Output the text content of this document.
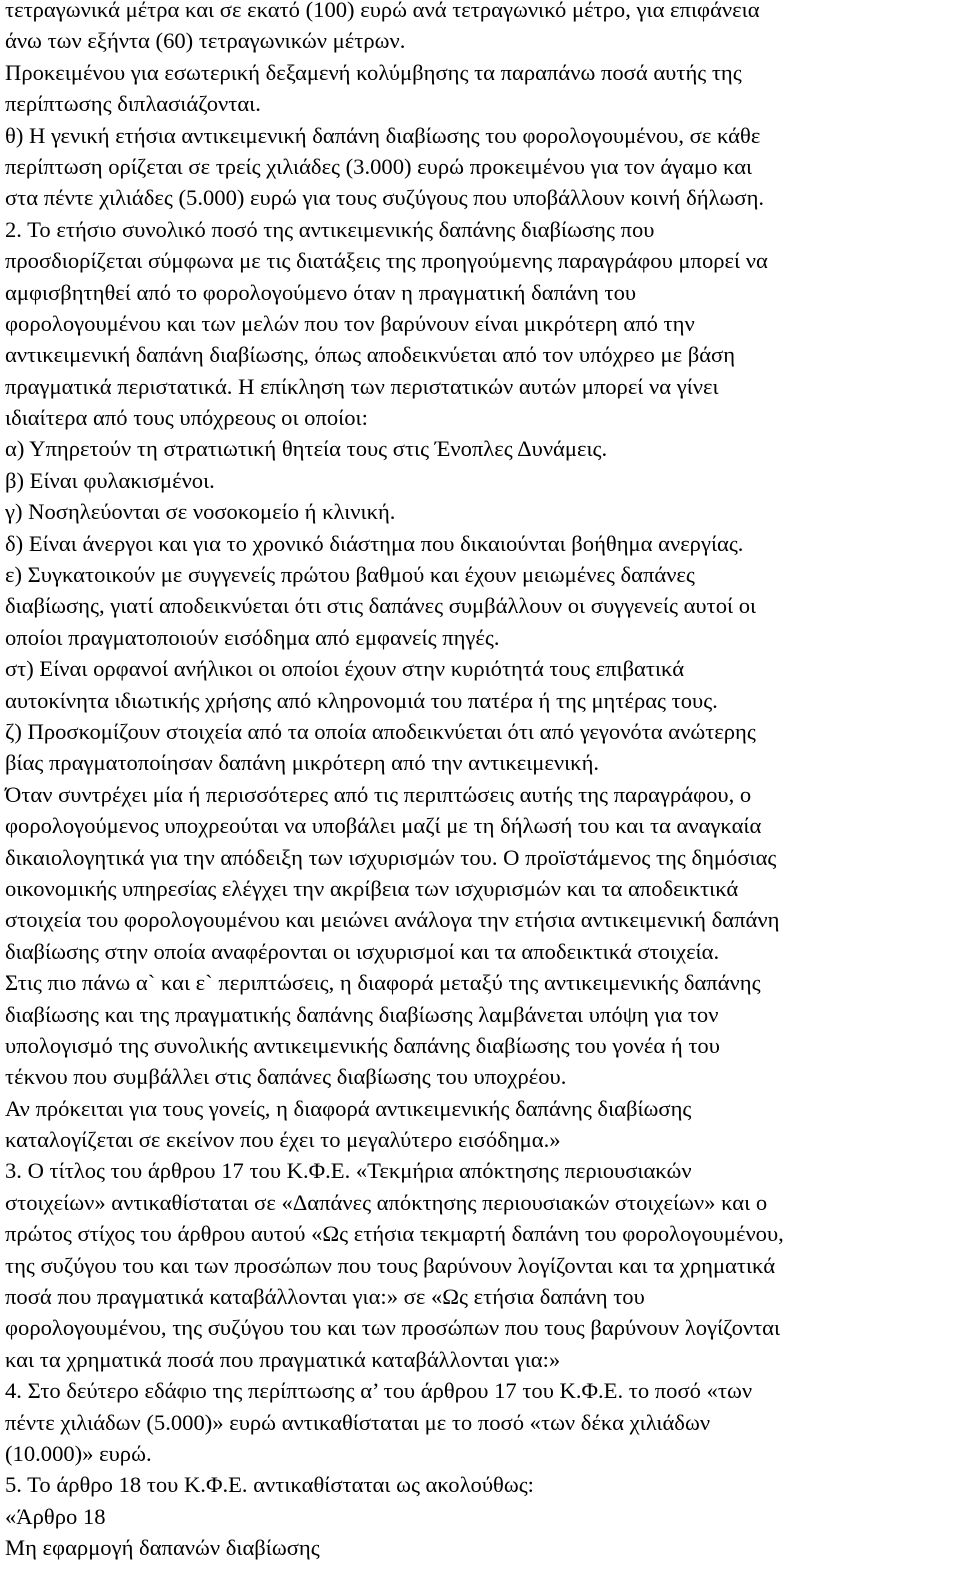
τετραγωνικά μέτρα και σε εκατό (100) ευρώ ανά τετραγωνικό μέτρο, για επιφάνεια
άνω των εξήντα (60) τετραγωνικών μέτρων.
Προκειμένου για εσωτερική δεξαμενή κολύμβησης τα παραπάνω ποσά αυτής της
περίπτωσης διπλασιάζονται.
θ) Η γενική ετήσια αντικειμενική δαπάνη διαβίωσης του φορολογουμένου, σε κάθε
περίπτωση ορίζεται σε τρείς χιλιάδες (3.000) ευρώ προκειμένου για τον άγαμο και
στα πέντε χιλιάδες (5.000) ευρώ για τους συζύγους που υποβάλλουν κοινή δήλωση.
2. Το ετήσιο συνολικό ποσό της αντικειμενικής δαπάνης διαβίωσης που
προσδιορίζεται σύμφωνα με τις διατάξεις της προηγούμενης παραγράφου μπορεί να
αμφισβητηθεί από το φορολογούμενο όταν η πραγματική δαπάνη του
φορολογουμένου και των μελών που τον βαρύνουν είναι μικρότερη από την
αντικειμενική δαπάνη διαβίωσης, όπως αποδεικνύεται από τον υπόχρεο με βάση
πραγματικά περιστατικά. Η επίκληση των περιστατικών αυτών μπορεί να γίνει
ιδιαίτερα από τους υπόχρεους οι οποίοι:
α) Υπηρετούν τη στρατιωτική θητεία τους στις Ένοπλες Δυνάμεις.
β) Είναι φυλακισμένοι.
γ) Νοσηλεύονται σε νοσοκομείο ή κλινική.
δ) Είναι άνεργοι και για το χρονικό διάστημα που δικαιούνται βοήθημα ανεργίας.
ε) Συγκατοικούν με συγγενείς πρώτου βαθμού και έχουν μειωμένες δαπάνες
διαβίωσης, γιατί αποδεικνύεται ότι στις δαπάνες συμβάλλουν οι συγγενείς αυτοί οι
οποίοι πραγματοποιούν εισόδημα από εμφανείς πηγές.
στ) Είναι ορφανοί ανήλικοι οι οποίοι έχουν στην κυριότητά τους επιβατικά
αυτοκίνητα ιδιωτικής χρήσης από κληρονομιά του πατέρα ή της μητέρας τους.
ζ) Προσκομίζουν στοιχεία από τα οποία αποδεικνύεται ότι από γεγονότα ανώτερης
βίας πραγματοποίησαν δαπάνη μικρότερη από την αντικειμενική.
Όταν συντρέχει μία ή περισσότερες από τις περιπτώσεις αυτής της παραγράφου, ο
φορολογούμενος υποχρεούται να υποβάλει μαζί με τη δήλωσή του και τα αναγκαία
δικαιολογητικά για την απόδειξη των ισχυρισμών του. Ο προϊστάμενος της δημόσιας
οικονομικής υπηρεσίας ελέγχει την ακρίβεια των ισχυρισμών και τα αποδεικτικά
στοιχεία του φορολογουμένου και μειώνει ανάλογα την ετήσια αντικειμενική δαπάνη
διαβίωσης στην οποία αναφέρονται οι ισχυρισμοί και τα αποδεικτικά στοιχεία.
Στις πιο πάνω α` και ε` περιπτώσεις, η διαφορά μεταξύ της αντικειμενικής δαπάνης
διαβίωσης και της πραγματικής δαπάνης διαβίωσης λαμβάνεται υπόψη για τον
υπολογισμό της συνολικής αντικειμενικής δαπάνης διαβίωσης του γονέα ή του
τέκνου που συμβάλλει στις δαπάνες διαβίωσης του υποχρέου.
Αν πρόκειται για τους γονείς, η διαφορά αντικειμενικής δαπάνης διαβίωσης
καταλογίζεται σε εκείνον που έχει το μεγαλύτερο εισόδημα.»
3. Ο τίτλος του άρθρου 17 του Κ.Φ.Ε. «Τεκμήρια απόκτησης περιουσιακών
στοιχείων» αντικαθίσταται σε «Δαπάνες απόκτησης περιουσιακών στοιχείων» και ο
πρώτος στίχος του άρθρου αυτού «Ως ετήσια τεκμαρτή δαπάνη του φορολογουμένου,
της συζύγου του και των προσώπων που τους βαρύνουν λογίζονται και τα χρηματικά
ποσά που πραγματικά καταβάλλονται για:» σε «Ως ετήσια δαπάνη του
φορολογουμένου, της συζύγου του και των προσώπων που τους βαρύνουν λογίζονται
και τα χρηματικά ποσά που πραγματικά καταβάλλονται για:»
4. Στο δεύτερο εδάφιο της περίπτωσης α’ του άρθρου 17 του Κ.Φ.Ε. το ποσό «των
πέντε χιλιάδων (5.000)» ευρώ αντικαθίσταται με το ποσό «των δέκα χιλιάδων
(10.000)» ευρώ.
5. Το άρθρο 18 του Κ.Φ.Ε. αντικαθίσταται ως ακολούθως:
«Άρθρο 18
Μη εφαρμογή δαπανών διαβίωσης
